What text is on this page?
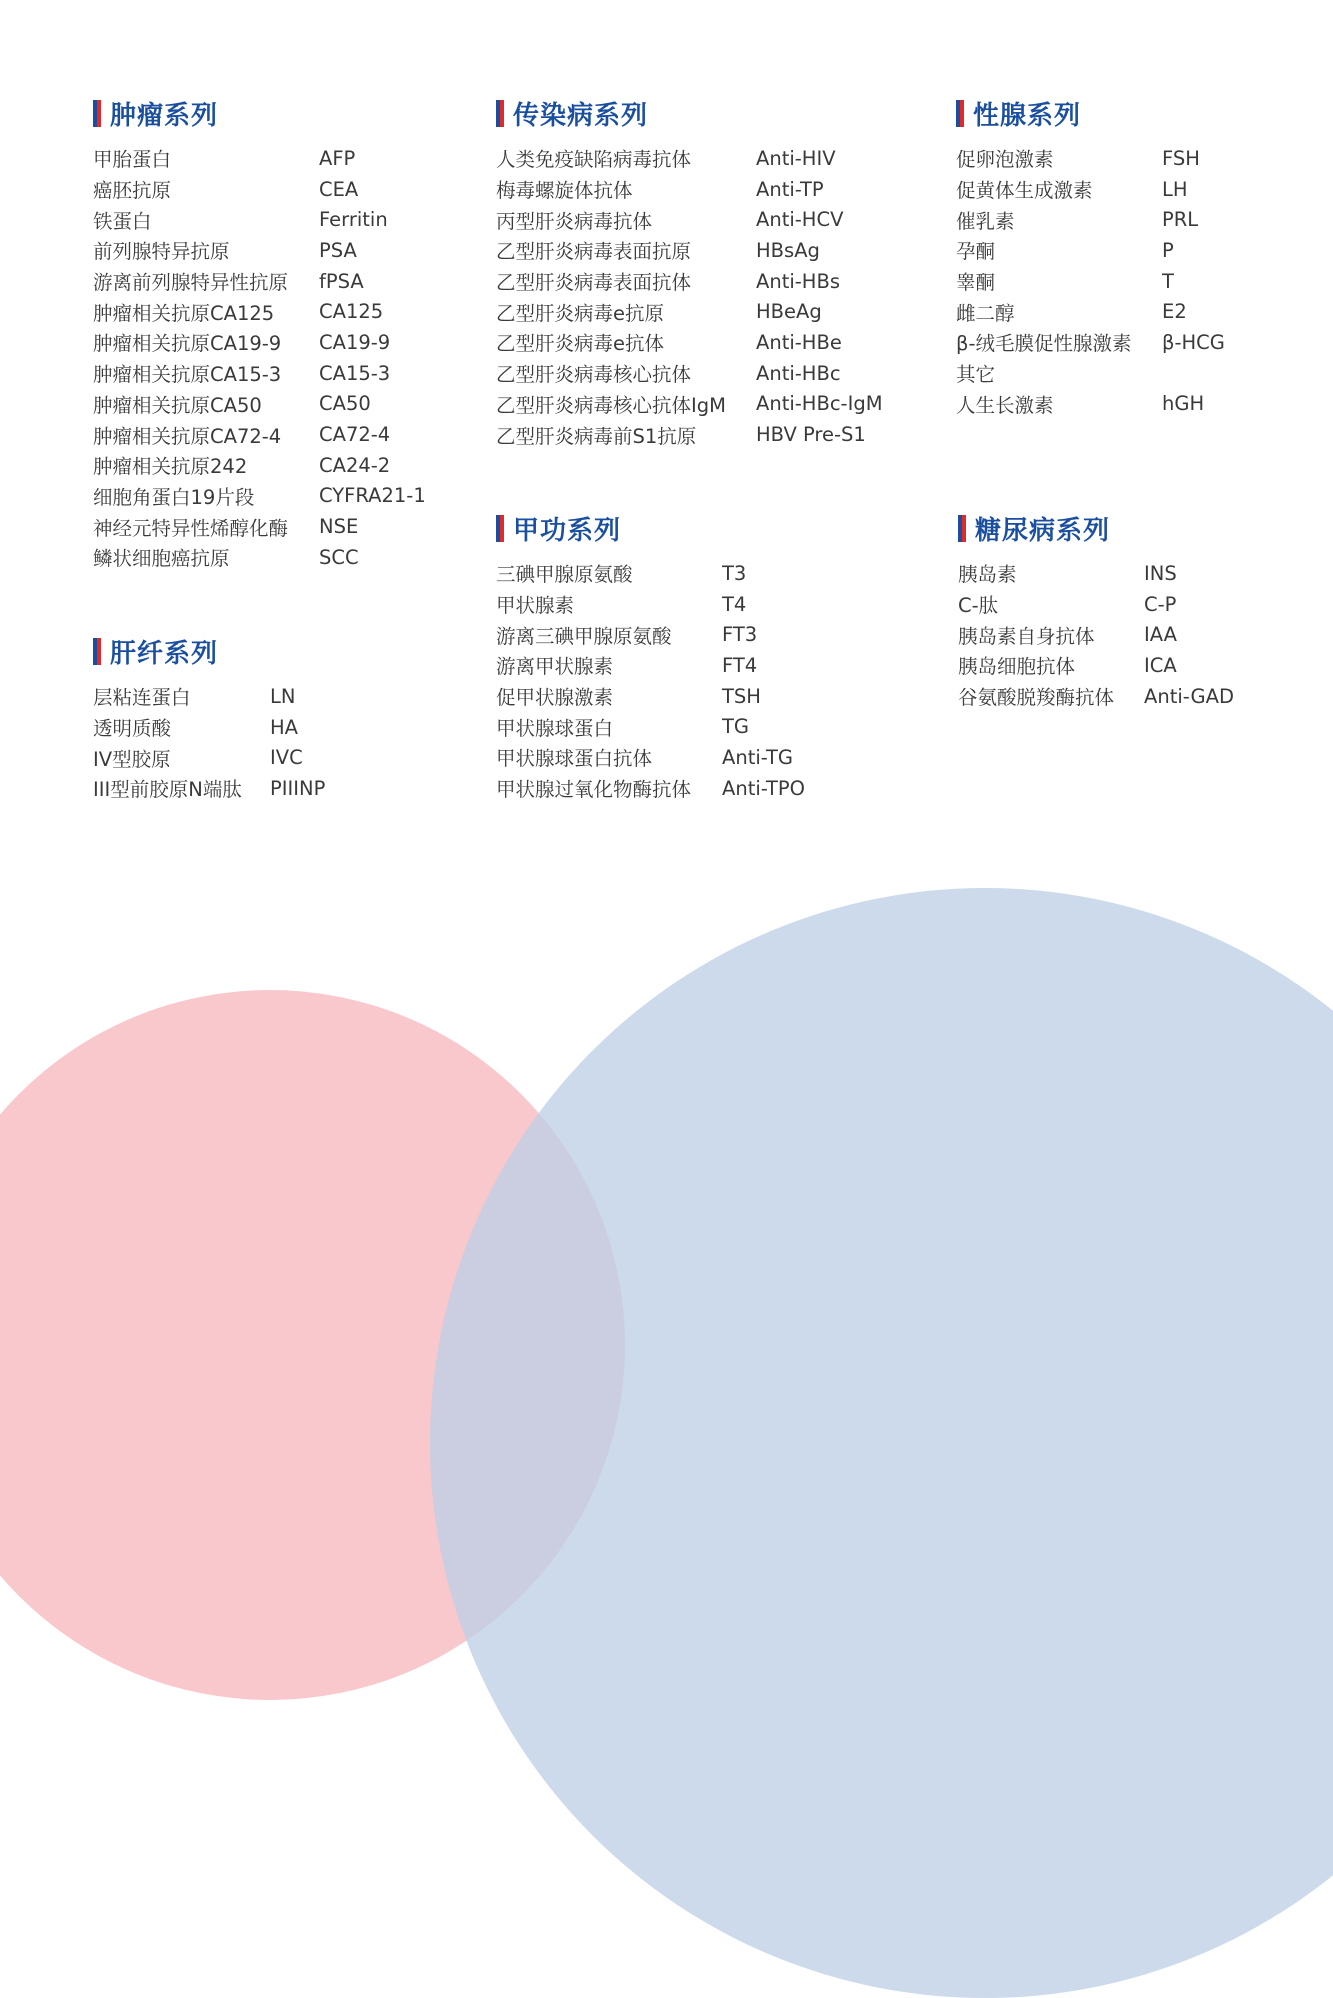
肿瘤系列
甲胎蛋白	AFP
癌胚抗原	CEA
铁蛋白	Ferritin
前列腺特异抗原	PSA
游离前列腺特异性抗原	fPSA
肿瘤相关抗原CA125	CA125
肿瘤相关抗原CA19-9	CA19-9
肿瘤相关抗原CA15-3	CA15-3
肿瘤相关抗原CA50	CA50
肿瘤相关抗原CA72-4	CA72-4
肿瘤相关抗原242	CA24-2
细胞角蛋白19片段	CYFRA21-1
神经元特异性烯醇化酶	NSE
鳞状细胞癌抗原	SCC
肝纤系列
层粘连蛋白	LN
透明质酸	HA
IV型胶原	IVC
III型前胶原N端肽	PIIINP
传染病系列
人类免疫缺陷病毒抗体	Anti-HIV
梅毒螺旋体抗体	Anti-TP
丙型肝炎病毒抗体	Anti-HCV
乙型肝炎病毒表面抗原	HBsAg
乙型肝炎病毒表面抗体	Anti-HBs
乙型肝炎病毒e抗原	HBeAg
乙型肝炎病毒e抗体	Anti-HBe
乙型肝炎病毒核心抗体	Anti-HBc
乙型肝炎病毒核心抗体IgM	Anti-HBc-IgM
乙型肝炎病毒前S1抗原	HBV Pre-S1
甲功系列
三碘甲腺原氨酸	T3
甲状腺素	T4
游离三碘甲腺原氨酸	FT3
游离甲状腺素	FT4
促甲状腺激素	TSH
甲状腺球蛋白	TG
甲状腺球蛋白抗体	Anti-TG
甲状腺过氧化物酶抗体	Anti-TPO
性腺系列
促卵泡激素	FSH
促黄体生成激素	LH
催乳素	PRL
孕酮	P
睾酮	T
雌二醇	E2
β-绒毛膜促性腺激素	β-HCG
其它
人生长激素	hGH
糖尿病系列
胰岛素	INS
C-肽	C-P
胰岛素自身抗体	IAA
胰岛细胞抗体	ICA
谷氨酸脱羧酶抗体	Anti-GAD
